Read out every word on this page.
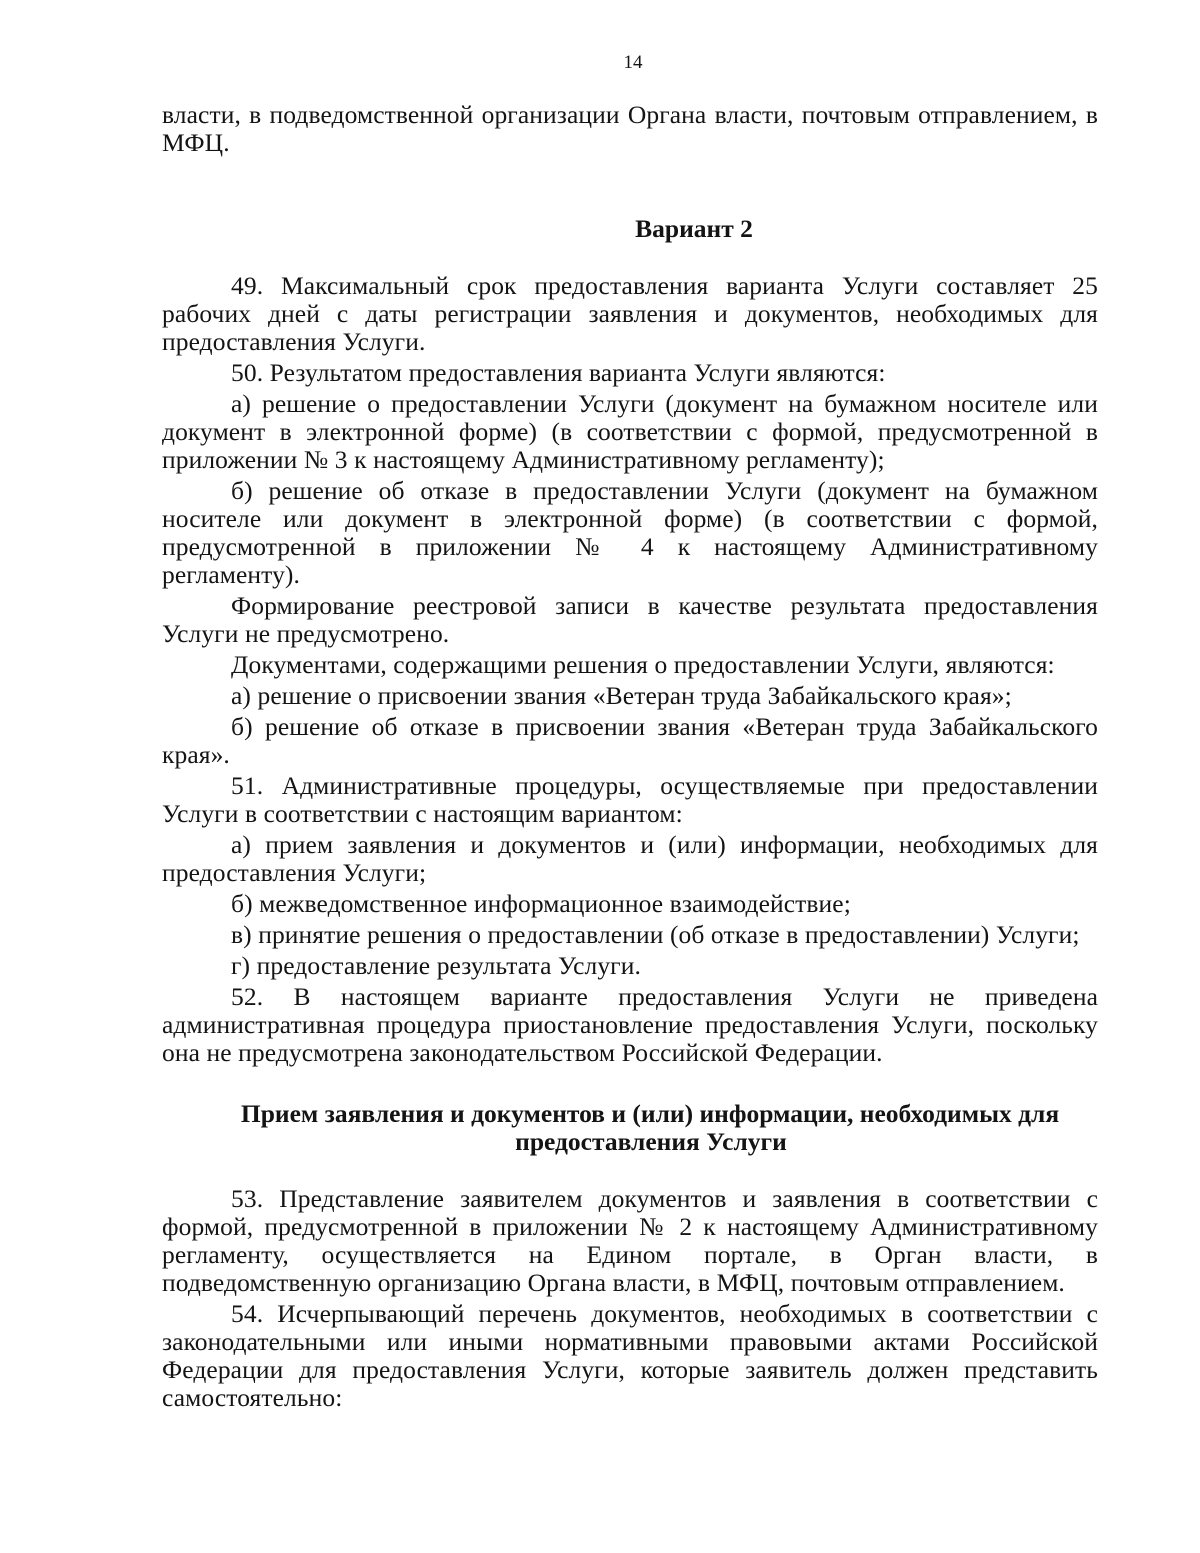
14

власти, в подведомственной организации Органа власти, почтовым отправлением, в МФЦ.

Вариант 2

49. Максимальный срок предоставления варианта Услуги составляет 25 рабочих дней с даты регистрации заявления и документов, необходимых для предоставления Услуги.

50. Результатом предоставления варианта Услуги являются:

а) решение о предоставлении Услуги (документ на бумажном носителе или документ в электронной форме) (в соответствии с формой, предусмотренной в приложении № 3 к настоящему Административному регламенту);

б) решение об отказе в предоставлении Услуги (документ на бумажном носителе или документ в электронной форме) (в соответствии с формой, предусмотренной в приложении № 4 к настоящему Административному регламенту).

Формирование реестровой записи в качестве результата предоставления Услуги не предусмотрено.

Документами, содержащими решения о предоставлении Услуги, являются:

а) решение о присвоении звания «Ветеран труда Забайкальского края»;

б) решение об отказе в присвоении звания «Ветеран труда Забайкальского края».

51. Административные процедуры, осуществляемые при предоставлении Услуги в соответствии с настоящим вариантом:

а) прием заявления и документов и (или) информации, необходимых для предоставления Услуги;

б) межведомственное информационное взаимодействие;

в) принятие решения о предоставлении (об отказе в предоставлении) Услуги;

г) предоставление результата Услуги.

52. В настоящем варианте предоставления Услуги не приведена административная процедура приостановление предоставления Услуги, поскольку она не предусмотрена законодательством Российской Федерации.

Прием заявления и документов и (или) информации, необходимых для
предоставления Услуги

53. Представление заявителем документов и заявления в соответствии с формой, предусмотренной в приложении № 2 к настоящему Административному регламенту, осуществляется на Едином портале, в Орган власти, в подведомственную организацию Органа власти, в МФЦ, почтовым отправлением.

54. Исчерпывающий перечень документов, необходимых в соответствии с законодательными или иными нормативными правовыми актами Российской Федерации для предоставления Услуги, которые заявитель должен представить самостоятельно:
